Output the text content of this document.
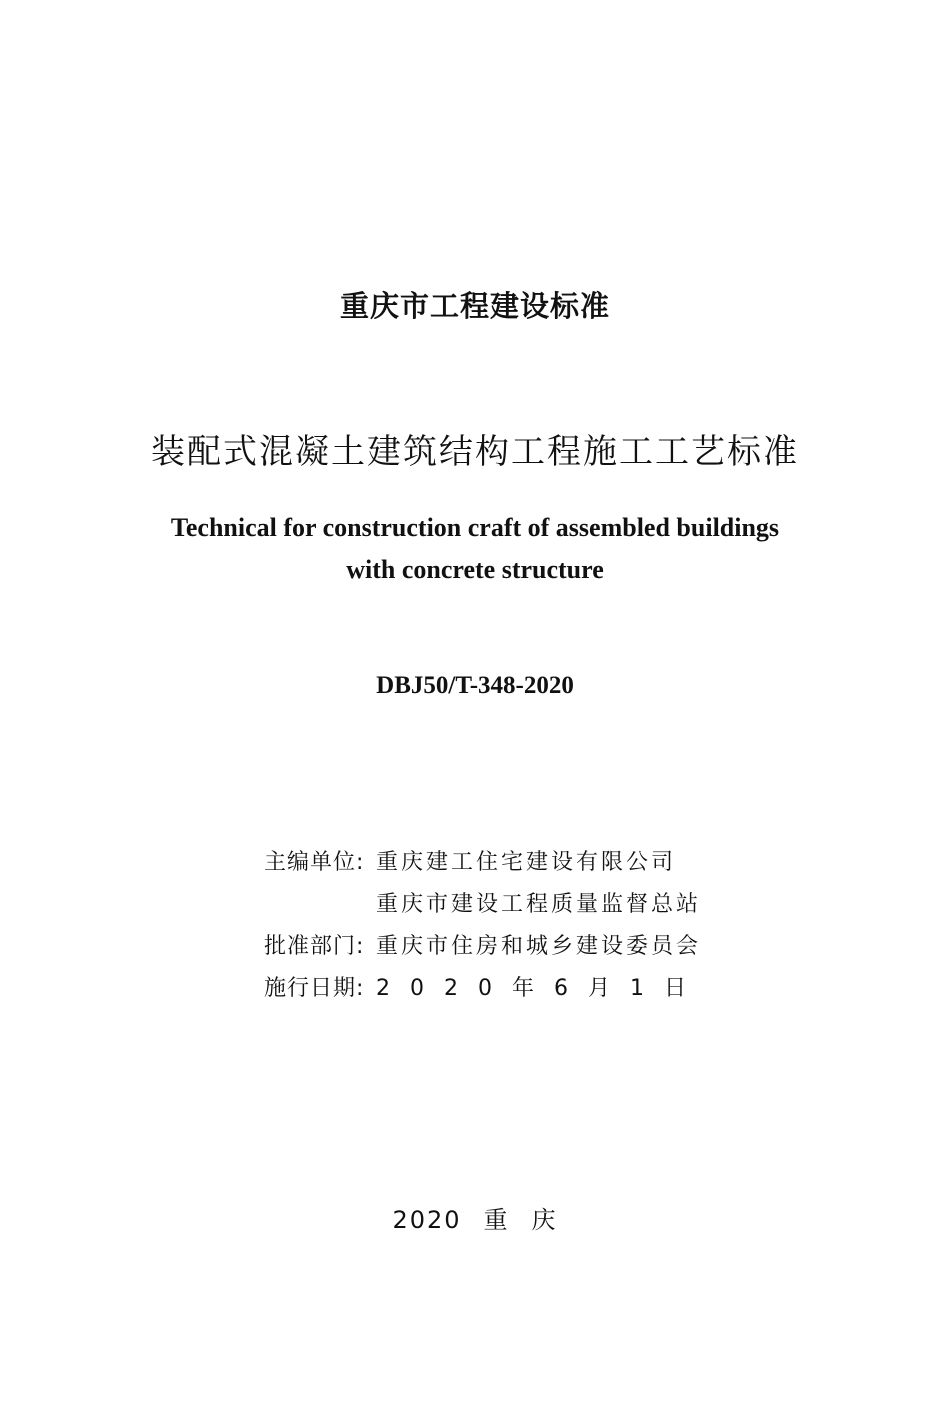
重庆市工程建设标准
装配式混凝土建筑结构工程施工工艺标准
Technical for construction craft of assembled buildings
with concrete structure
DBJ50/T-348-2020
主编单位: 重庆建工住宅建设有限公司
重庆市建设工程质量监督总站
批准部门: 重庆市住房和城乡建设委员会
施行日期: 2020年6月1日
2020 重 庆
